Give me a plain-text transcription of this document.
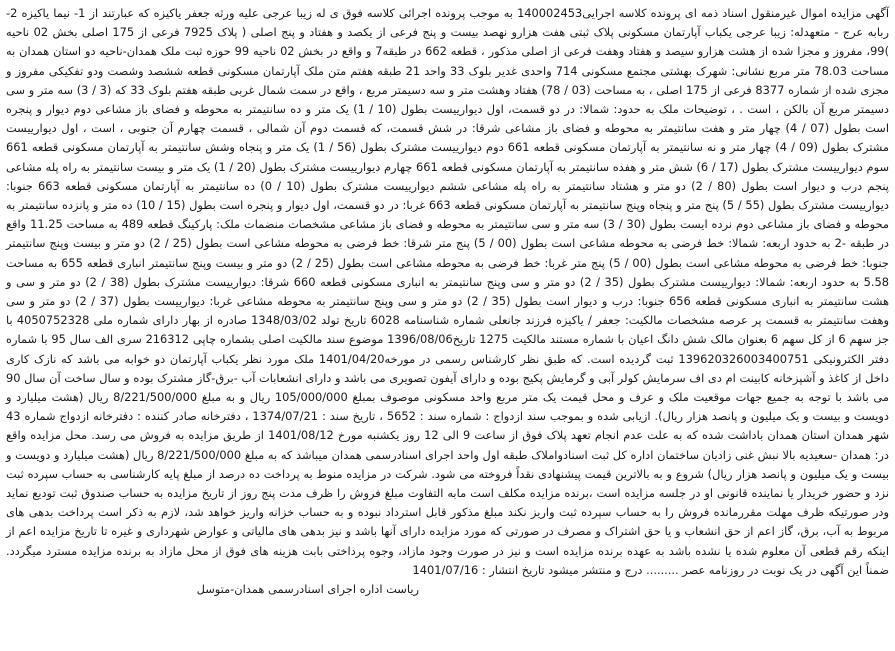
آگهی مزایده اموال غیرمنقول اسناد ذمه ای پرونده کلاسه اجرایی140002453 به موجب پرونده اجرائی کلاسه فوق ی له زیبا عرجی علیه ورثه جعفر یاکیزه که عبارتند از 1- نیما یاکیزه 2- ربابه عرج - متعهدله: زیبا عرجی یکباب آپارتمان مسکونی پلاک ثبتی هفت هزارو نهصد بیست و پنج فرعی از یکصد و هفتاد و پنج اصلی ( پلاک 7925 فرعی از 175 اصلی بخش 02 ناحیه )99، مفروز و مجزا شده از هشت هزارو سیصد و هفتاد وهفت فرعی از اصلی مذکور ، قطعه 662 در طبقه7 و واقع در بخش 02 ناحیه 99 حوزه ثبت ملک همدان-ناحیه دو استان همدان به مساحت 78.03 متر مربع نشانی: شهرک بهشتی مجتمع مسکونی 714 واحدی غدیر بلوک 33 واحد 21 طبقه هفتم متن ملک آپارتمان مسکونی قطعه ششصد وشصت ودو تفکیکی مفروز و مجزی شده از شماره 8377 فرعی از 175 اصلی ، به مساحت (03 / 78) هفتاد وهشت متر و سه دسیمتر مربع ، واقع در سمت شمال غربی طبقه هفتم بلوک 33 که (3 / 3) سه متر و سی دسیمتر مربع آن بالکن ، است . ، توضیحات ملک به حدود: شمالا: در دو قسمت، اول دیوارییست بطول (10 / 1) یک متر و ده سانتیمتر به محوطه و فضای باز مشاعی دوم دیوار و پنجره است بطول (07 / 4) چهار متر و هفت سانتیمتر به محوطه و فضای باز مشاعی شرقا: در شش قسمت، که قسمت دوم آن شمالی ، قسمت چهارم آن جنوبی ، است ، اول دیوارییست مشترک بطول (09 / 4) چهار متر و نه سانتیمتر به آپارتمان مسکونی قطعه 661 دوم دیوارییست مشترک بطول (56 / 1) یک متر و پنجاه وشش سانتیمتر به آپارتمان مسکونی قطعه 661 سوم دیوارییست مشترک بطول (17 / 6) شش متر و هفده سانتیمتر به آپارتمان مسکونی قطعه 661 چهارم دیوارییست مشترک بطول (20 / 1) یک متر و بیست سانتیمتر به راه پله مشاعی پنجم درب و دیوار است بطول (80 / 2) دو متر و هشتاد سانتیمتر به راه پله مشاعی ششم دیوارییست مشترک بطول (10 / 0) ده سانتیمتر به آپارتمان مسکونی قطعه 663 جنوبا: دیوارییست مشترک بطول (55 / 5) پنج متر و پنجاه وپنج سانتیمتر به آپارتمان مسکونی قطعه 663 غربا: در دو قسمت، اول دیوار و پنجره است بطول (15 / 10) ده متر و پانزده سانتیمتر به محوطه و فضای باز مشاعی دوم نرده ایست بطول (30 / 3) سه متر و سی سانتیمتر به محوطه و فضای باز مشاعی مشخصات منضمات ملک: پارکینگ قطعه 489 به مساحت 11.25 واقع در طبقه -2 به حدود اربعه: شمالا: خط فرضی به محوطه مشاعی است بطول (00 / 5) پنج متر شرقا: خط فرضی به محوطه مشاعی است بطول (25 / 2) دو متر و بیست وپنج سانتیمتر جنوبا: خط فرضی به محوطه مشاعی است بطول (00 / 5) پنج متر غربا: خط فرضی به محوطه مشاعی است بطول (25 / 2) دو متر و بیست وپنج سانتیمتر انباری قطعه 655 به مساحت 5.58 به حدود اربعه: شمالا: دیوارییست مشترک بطول (35 / 2) دو متر و سی وپنج سانتیمتر به انباری مسکونی قطعه 660 شرقا: دیوارییست مشترک بطول (38 / 2) دو متر و سی و هشت سانتیمتر به انباری مسکونی قطعه 656 جنوبا: درب و دیوار است بطول (35 / 2) دو متر و سی وپنج سانتیمتر به محوطه مشاعی غربا: دیوارییست بطول (37 / 2) دو متر و سی وهفت سانتیمتر به قسمت پر عرصه مشخصات مالکیت: جعفر / یاکیزه فرزند جانعلی شماره شناسنامه 6028 تاریخ تولد 1348/03/02 صادره از بهار دارای شماره ملی 4050752328 با جز سهم 6 از کل سهم 6 بعنوان مالک شش دانگ اعیان با شماره مستند مالکیت 1275 تاریخ1396/08/06 موضوع سند مالکیت اصلی بشماره چاپی 216312 سری الف سال 95 با شماره دفتر الکترونیکی 139620326003400751 ثبت گردیده است. که طبق نظر کارشناس رسمی در مورخه1401/04/20 ملک مورد نظر یکباب آپارتمان دو خوابه می باشد که نازک کاری داخل از کاغذ و آشپزخانه کابینت ام دی اف سرمایش کولر آبی و گرمایش پکیج بوده و دارای آیفون تصویری می باشد و دارای انشعابات آب -برق-گاز مشترک بوده و سال ساخت آن سال 90 می باشد با توجه به جمیع جهات موقعیت ملک و عرف و محل قیمت یک متر مربع واحد مسکونی موصوف بمبلغ 105/000/000 ریال و به مبلغ 8/221/500/000 ریال (هشت میلیارد و دویست و بیست و یک میلیون و پانصد هزار ریال). ازیابی شده و بموجب سند ازدواج : شماره سند : 5652 ، تاریخ سند : 1374/07/21 ، دفترخانه صادر کننده : دفترخانه ازدواج شماره 43 شهر همدان استان همدان باداشت شده که به علت عدم انجام تعهد پلاک فوق از ساعت 9 الی 12 روز یکشنبه مورخ 1401/08/12 از طریق مزایده به فروش می رسد. محل مزایده واقع در: همدان -سعیدیه بالا نبش غنی زادیان ساختمان اداره کل ثبت اسنادواملاک طبقه اول واحد اجرای اسنادرسمی همدان میباشد که به مبلغ 8/221/500/000 ریال (هشت میلیارد و دویست و بیست و یک میلیون و پانصد هزار ریال) شروع و به بالاترین قیمت پیشنهادی نقداً فروخته می شود. شرکت در مزایده منوط به پرداخت ده درصد از مبلغ پایه کارشناسی به حساب سپرده ثبت نزد و حضور خریدار یا نماینده قانونی او در جلسه مزایده است ،برنده مزایده مکلف است مابه التفاوت مبلغ فروش را ظرف مدت پنج روز از تاریخ مزایده به حساب صندوق ثبت تودیع نماید ودر صورتیکه ظرف مهلت مقررمانده فروش را به حساب سپرده ثبت واریز نکند مبلغ مذکور قابل استرداد نبوده و به حساب خزانه واریز خواهد شد، لازم به ذکر است پرداخت بدهی های مربوط به آب، برق، گاز اعم از حق انشعاب و یا حق اشتراک و مصرف در صورتی که مورد مزایده دارای آنها باشد و نیز بدهی های مالیاتی و عوارض شهرداری و غیره تا تاریخ مزایده اعم از اینکه رقم قطعی آن معلوم شده یا نشده باشد به عهده برنده مزایده است و نیز در صورت وجود مازاد، وجوه پرداختی بابت هزینه های فوق از محل مازاد به برنده مزایده مسترد میگردد. ضمناً این آگهی در یک نوبت در روزنامه عصر ......... درج و منتشر میشود تاریخ انتشار : 1401/07/16

ریاست اداره اجرای اسنادرسمی همدان-متوسل
